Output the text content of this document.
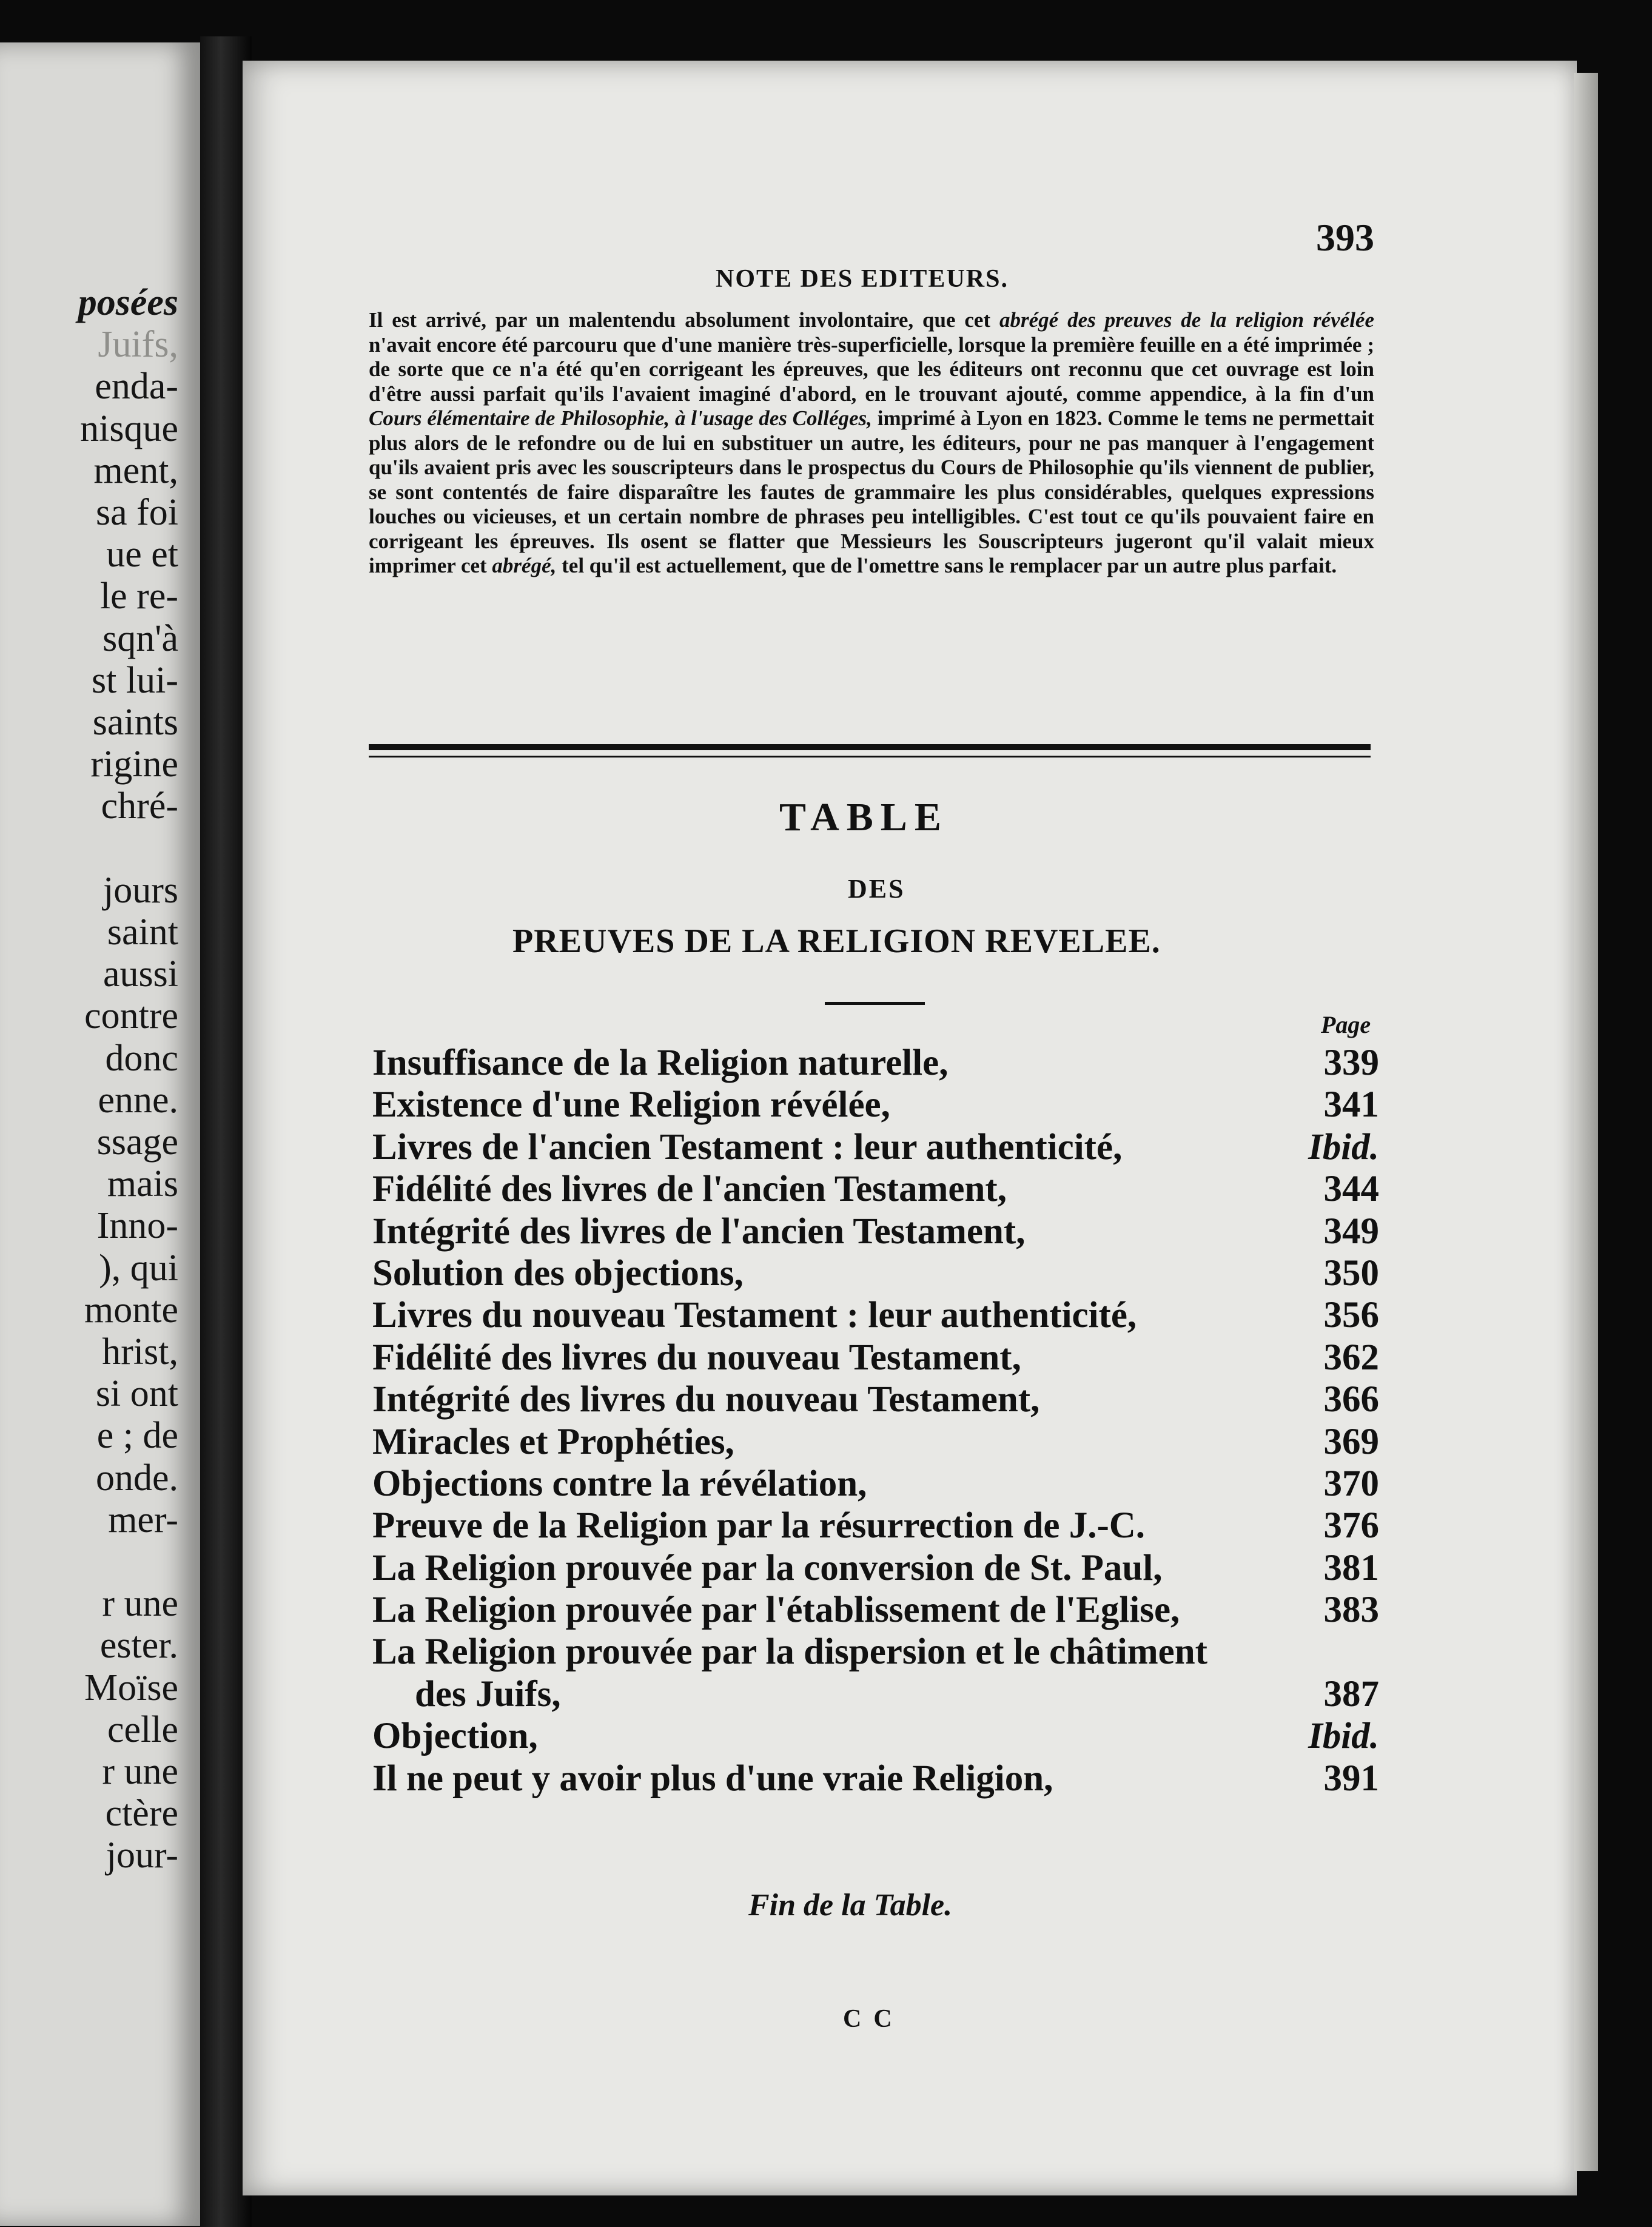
posées
Juifs,
enda-
nisque
ment,
sa foi
ue et
le re-
sqn'à
st lui-
saints
rigine
chré-
jours
saint
aussi
contre
donc
enne.
ssage
mais
Inno-
), qui
monte
hrist,
si ont
e ; de
onde.
mer-
r une
ester.
Moïse
celle
r une
ctère
jour-
393
NOTE DES EDITEURS.
Il est arrivé, par un malentendu absolument involontaire, que cet abrégé des preuves de la religion révélée n'avait encore été parcouru que d'une manière très-superficielle, lorsque la première feuille en a été imprimée ; de sorte que ce n'a été qu'en corrigeant les épreuves, que les éditeurs ont reconnu que cet ouvrage est loin d'être aussi parfait qu'ils l'avaient imaginé d'abord, en le trouvant ajouté, comme appendice, à la fin d'un Cours élémentaire de Philosophie, à l'usage des Colléges, imprimé à Lyon en 1823. Comme le tems ne permettait plus alors de le refondre ou de lui en substituer un autre, les éditeurs, pour ne pas manquer à l'engagement qu'ils avaient pris avec les souscripteurs dans le prospectus du Cours de Philosophie qu'ils viennent de publier, se sont contentés de faire disparaître les fautes de grammaire les plus considérables, quelques expressions louches ou vicieuses, et un certain nombre de phrases peu intelligibles. C'est tout ce qu'ils pouvaient faire en corrigeant les épreuves. Ils osent se flatter que Messieurs les Souscripteurs jugeront qu'il valait mieux imprimer cet abrégé, tel qu'il est actuellement, que de l'omettre sans le remplacer par un autre plus parfait.
TABLE
DES
PREUVES DE LA RELIGION REVELEE.
Page
Insuffisance de la Religion naturelle,	339
Existence d'une Religion révélée,	341
Livres de l'ancien Testament : leur authenticité,	Ibid.
Fidélité des livres de l'ancien Testament,	344
Intégrité des livres de l'ancien Testament,	349
Solution des objections,	350
Livres du nouveau Testament : leur authenticité,	356
Fidélité des livres du nouveau Testament,	362
Intégrité des livres du nouveau Testament,	366
Miracles et Prophéties,	369
Objections contre la révélation,	370
Preuve de la Religion par la résurrection de J.-C.	376
La Religion prouvée par la conversion de St. Paul,	381
La Religion prouvée par l'établissement de l'Eglise,	383
La Religion prouvée par la dispersion et le châtiment
des Juifs,	387
Objection,	Ibid.
Il ne peut y avoir plus d'une vraie Religion,	391
Fin de la Table.
CC
